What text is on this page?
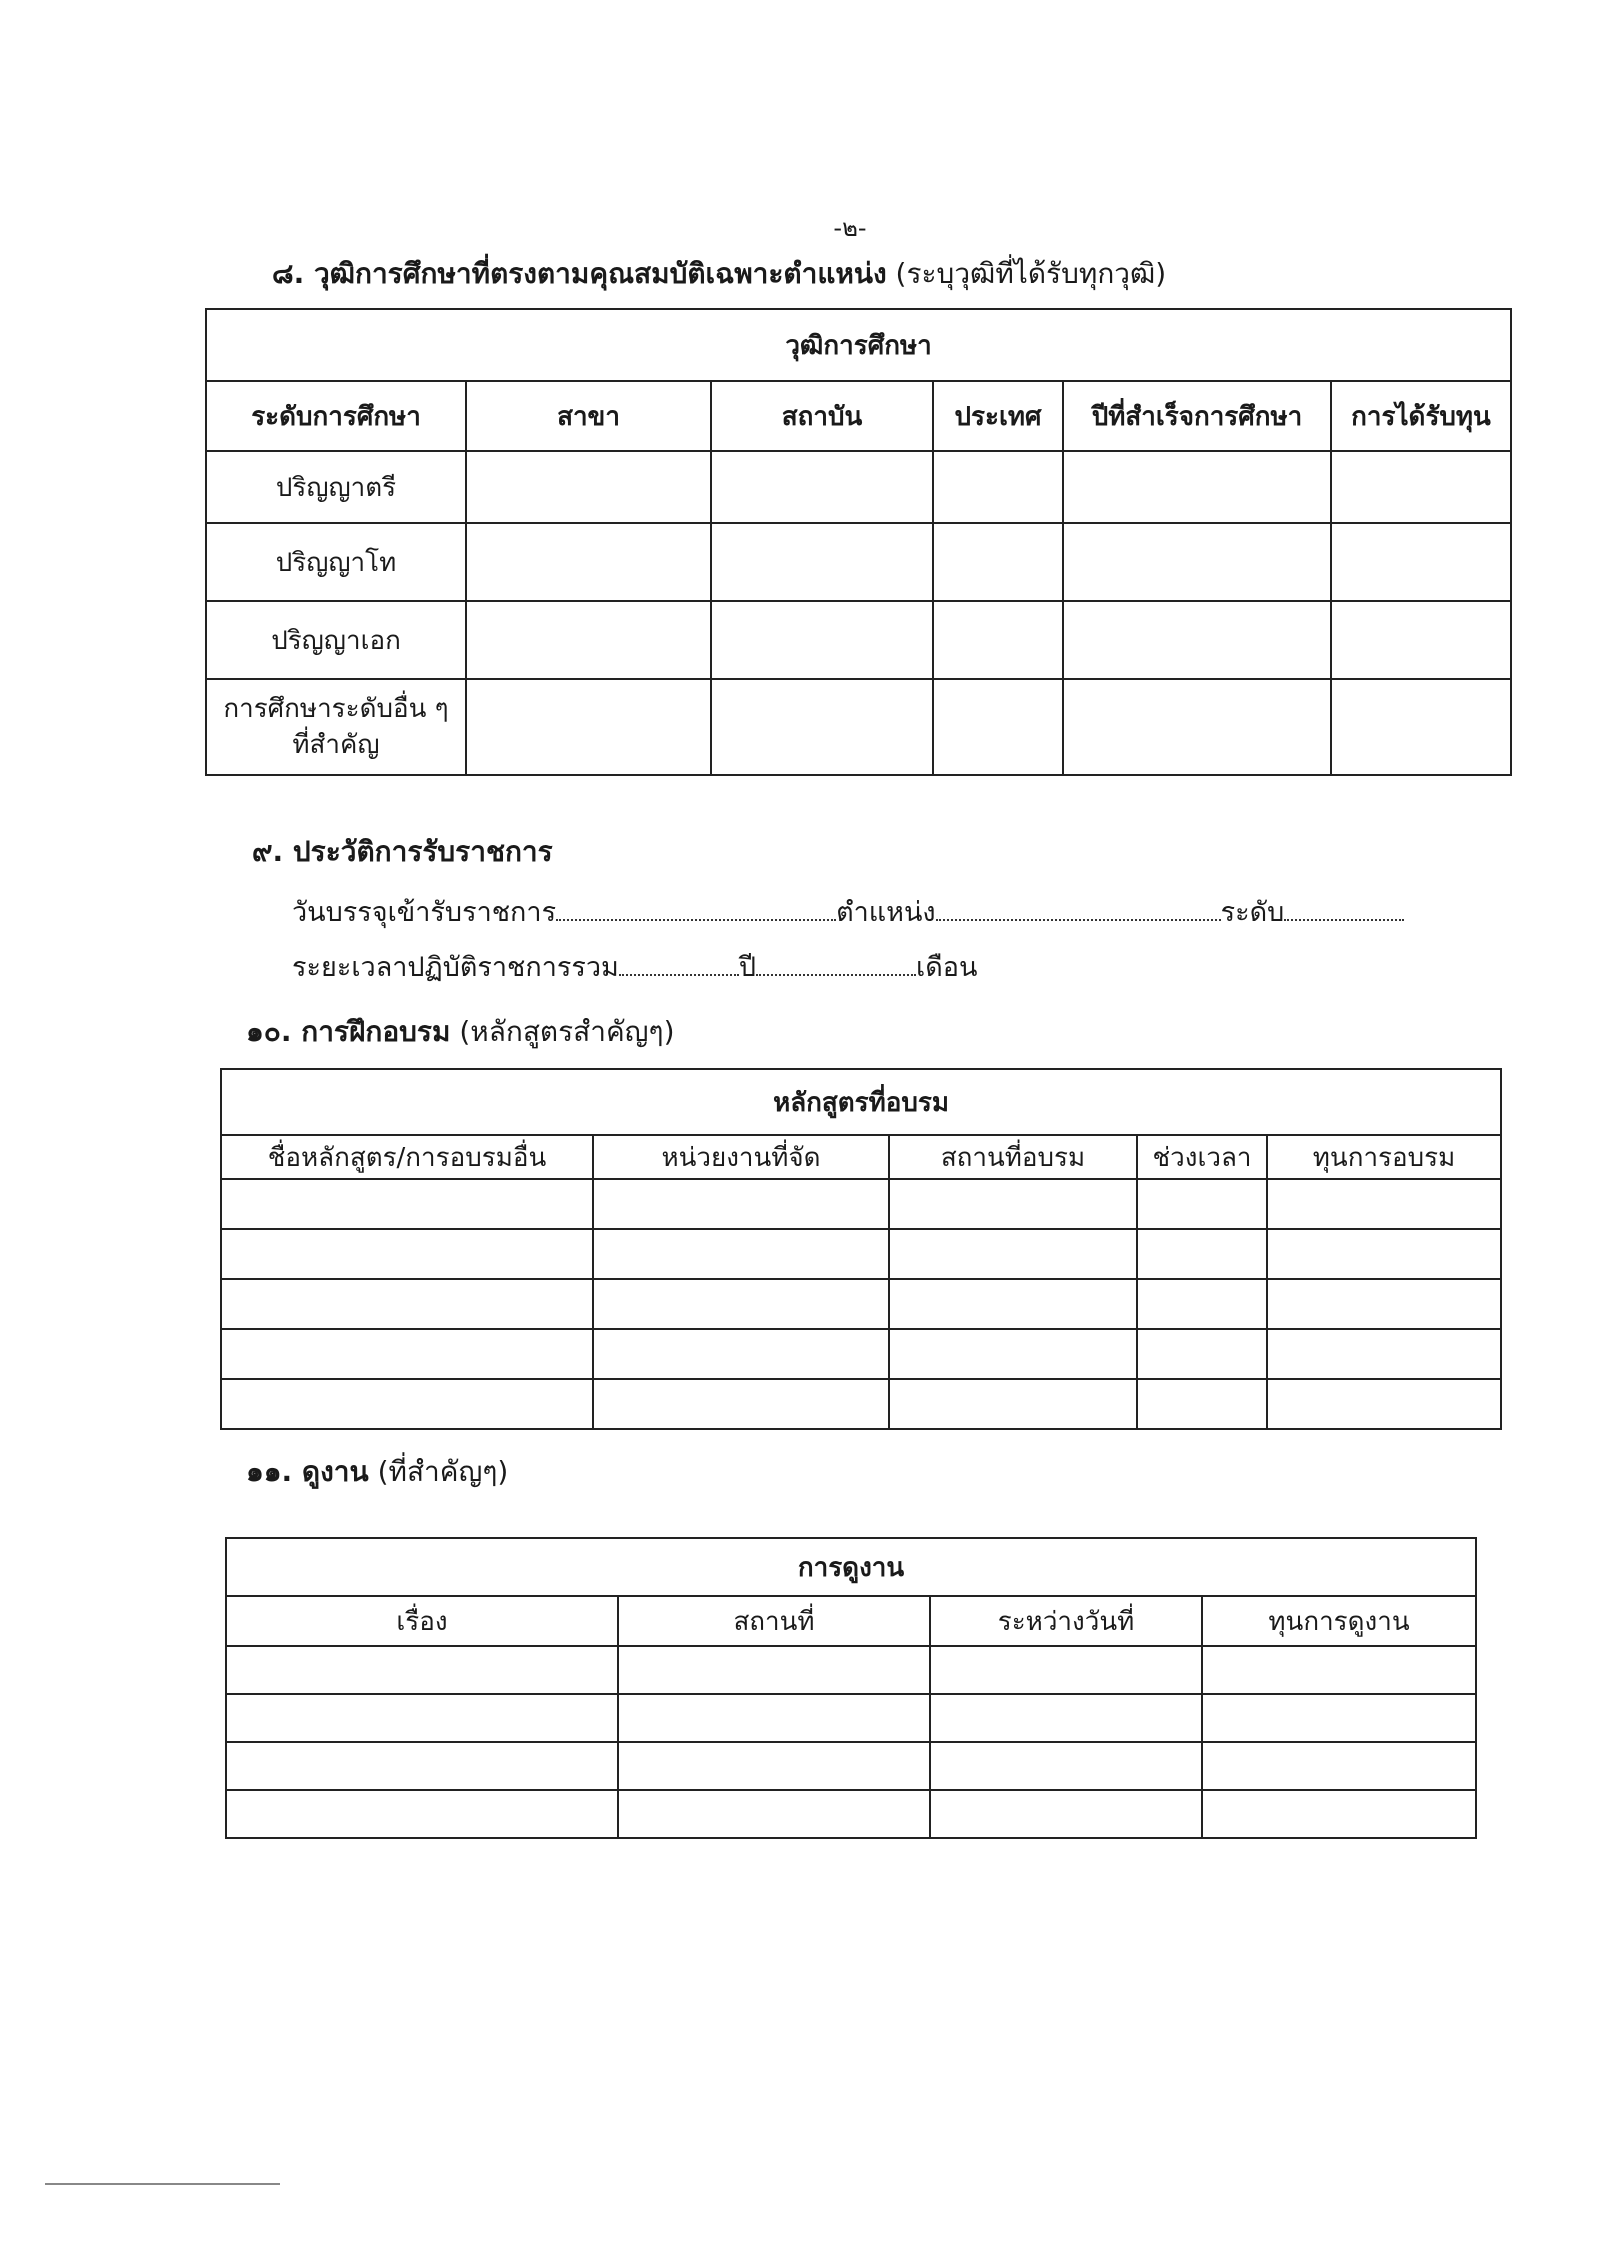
-๒-
๘. วุฒิการศึกษาที่ตรงตามคุณสมบัติเฉพาะตำแหน่ง (ระบุวุฒิที่ได้รับทุกวุฒิ)
วุฒิการศึกษา					
ระดับการศึกษา	สาขา	สถาบัน	ประเทศ	ปีที่สำเร็จการศึกษา	การได้รับทุน
ปริญญาตรี					
ปริญญาโท					
ปริญญาเอก					
การศึกษาระดับอื่น ๆ
ที่สำคัญ					
๙. ประวัติการรับราชการ
วันบรรจุเข้ารับราชการ	ตำแหน่ง	ระดับ
ระยะเวลาปฏิบัติราชการรวม	ปี	เดือน
๑๐. การฝึกอบรม (หลักสูตรสำคัญๆ)
หลักสูตรที่อบรม				
ชื่อหลักสูตร/การอบรมอื่น	หน่วยงานที่จัด	สถานที่อบรม	ช่วงเวลา	ทุนการอบรม

๑๑. ดูงาน (ที่สำคัญๆ)
การดูงาน			
เรื่อง	สถานที่	ระหว่างวันที่	ทุนการดูงาน
